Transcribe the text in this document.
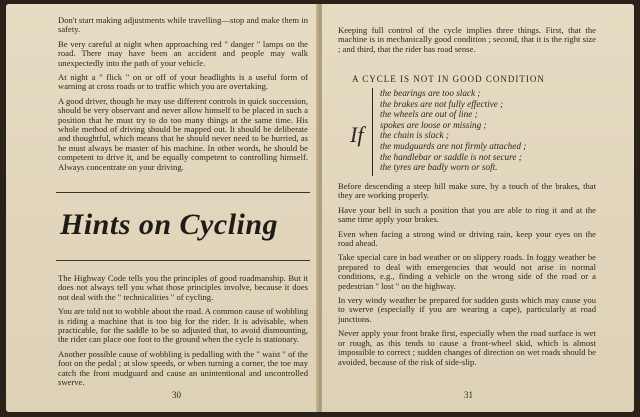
Don't start making adjustments while travelling—stop and make them in safety.

Be very careful at night when approaching red " danger " lamps on the road. There may have been an accident and people may walk unexpectedly into the path of your vehicle.

At night a " flick " on or off of your headlights is a useful form of warning at cross roads or to traffic which you are overtaking.

A good driver, though he may use different controls in quick succession, should be very observant and never allow himself to be placed in such a position that he must try to do too many things at the same time. His whole method of driving should be mapped out. It should be deliberate and thoughtful, which means that he should never need to be hurried, as he must always be master of his machine. In other words, he should be competent to drive it, and be equally competent to controlling himself. Always concentrate on your driving.

Hints on Cycling

The Highway Code tells you the principles of good roadmanship. But it does not always tell you what those principles involve, because it does not deal with the " technicalities " of cycling.

You are told not to wobble about the road. A common cause of wobbling is riding a machine that is too big for the rider. It is advisable, when practicable, for the saddle to be so adjusted that, to avoid dismounting, the rider can place one foot to the ground when the cycle is stationary.

Another possible cause of wobbling is pedalling with the " waist " of the foot on the pedal ; at slow speeds, or when turning a corner, the toe may catch the front mudguard and cause an unintentional and uncontrolled swerve.

30

Keeping full control of the cycle implies three things. First, that the machine is in mechanically good condition ; second, that it is the right size ; and third, that the rider has road sense.

A CYCLE IS NOT IN GOOD CONDITION
If
the bearings are too slack ;
the brakes are not fully effective ;
the wheels are out of line ;
spokes are loose or missing ;
the chain is slack ;
the mudguards are not firmly attached ;
the handlebar or saddle is not secure ;
the tyres are badly worn or soft.

Before descending a steep hill make sure, by a touch of the brakes, that they are working properly.

Have your bell in such a position that you are able to ring it and at the same time apply your brakes.

Even when facing a strong wind or driving rain, keep your eyes on the road ahead.

Take special care in bad weather or on slippery roads. In foggy weather be prepared to deal with emergencies that would not arise in normal conditions, e.g., finding a vehicle on the wrong side of the road or a pedestrian " lost " on the highway.

In very windy weather be prepared for sudden gusts which may cause you to swerve (especially if you are wearing a cape), particularly at road junctions.

Never apply your front brake first, especially when the road surface is wet or rough, as this tends to cause a front-wheel skid, which is almost impossible to correct ; sudden changes of direction on wet roads should be avoided, because of the risk of side-slip.

31
